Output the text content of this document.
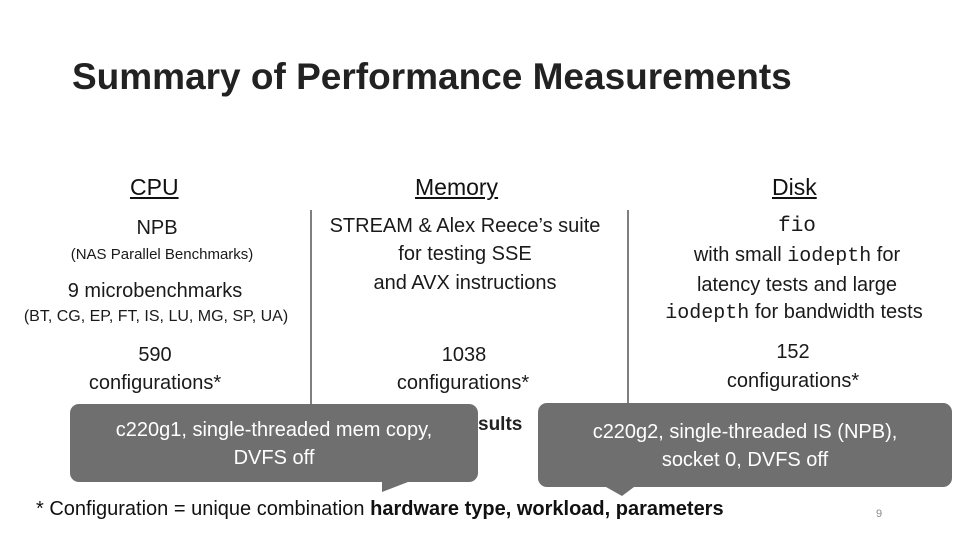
Summary of Performance Measurements
CPU
NPB
(NAS Parallel Benchmarks)
9 microbenchmarks
(BT, CG, EP, FT, IS, LU, MG, SP, UA)
590
configurations*
Memory
STREAM & Alex Reece’s suite
for testing SSE
and AVX instructions
1038
configurations*
Disk
fio
with small iodepth for
latency tests and large
iodepth for bandwidth tests
152
configurations*
sults
c220g1, single-threaded mem copy,
DVFS off
c220g2, single-threaded IS (NPB),
socket 0, DVFS off
* Configuration = unique combination hardware type, workload, parameters	9
